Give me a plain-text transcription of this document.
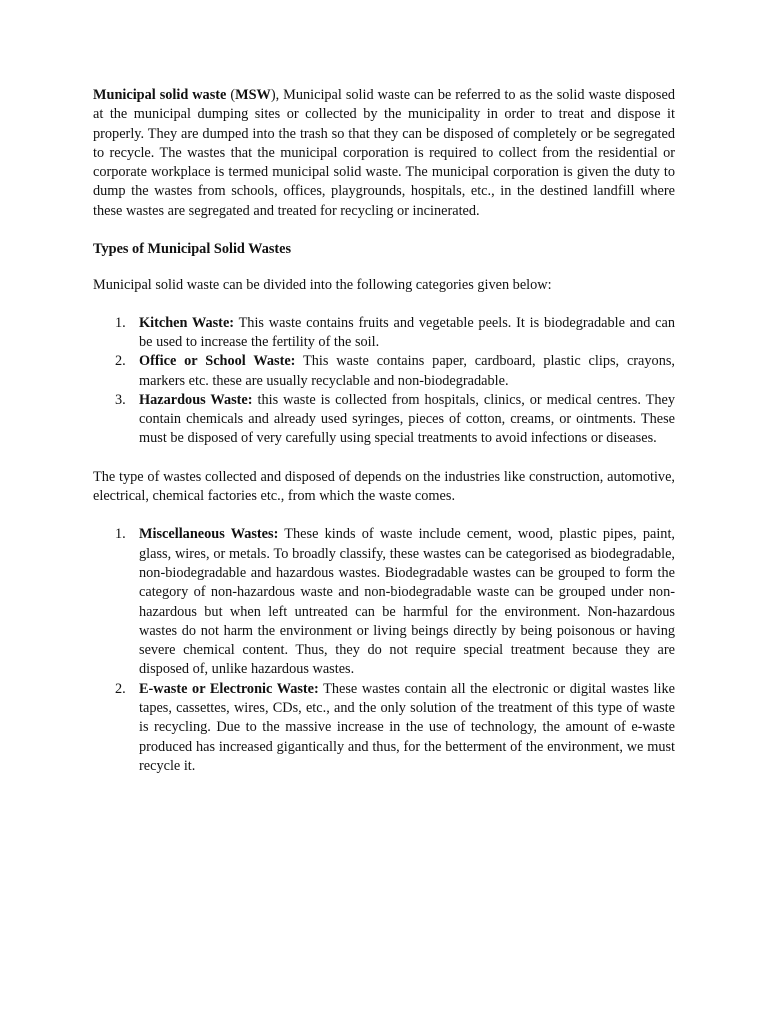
Municipal solid waste (MSW), Municipal solid waste can be referred to as the solid waste disposed at the municipal dumping sites or collected by the municipality in order to treat and dispose it properly. They are dumped into the trash so that they can be disposed of completely or be segregated to recycle. The wastes that the municipal corporation is required to collect from the residential or corporate workplace is termed municipal solid waste. The municipal corporation is given the duty to dump the wastes from schools, offices, playgrounds, hospitals, etc., in the destined landfill where these wastes are segregated and treated for recycling or incinerated.

Types of Municipal Solid Wastes

Municipal solid waste can be divided into the following categories given below:

1. Kitchen Waste: This waste contains fruits and vegetable peels. It is biodegradable and can be used to increase the fertility of the soil.
2. Office or School Waste: This waste contains paper, cardboard, plastic clips, crayons, markers etc. these are usually recyclable and non-biodegradable.
3. Hazardous Waste: this waste is collected from hospitals, clinics, or medical centres. They contain chemicals and already used syringes, pieces of cotton, creams, or ointments. These must be disposed of very carefully using special treatments to avoid infections or diseases.

The type of wastes collected and disposed of depends on the industries like construction, automotive, electrical, chemical factories etc., from which the waste comes.

1. Miscellaneous Wastes: These kinds of waste include cement, wood, plastic pipes, paint, glass, wires, or metals. To broadly classify, these wastes can be categorised as biodegradable, non-biodegradable and hazardous wastes. Biodegradable wastes can be grouped to form the category of non-hazardous waste and non-biodegradable waste can be grouped under non-hazardous but when left untreated can be harmful for the environment. Non-hazardous wastes do not harm the environment or living beings directly by being poisonous or having severe chemical content. Thus, they do not require special treatment because they are disposed of, unlike hazardous wastes.
2. E-waste or Electronic Waste: These wastes contain all the electronic or digital wastes like tapes, cassettes, wires, CDs, etc., and the only solution of the treatment of this type of waste is recycling. Due to the massive increase in the use of technology, the amount of e-waste produced has increased gigantically and thus, for the betterment of the environment, we must recycle it.
